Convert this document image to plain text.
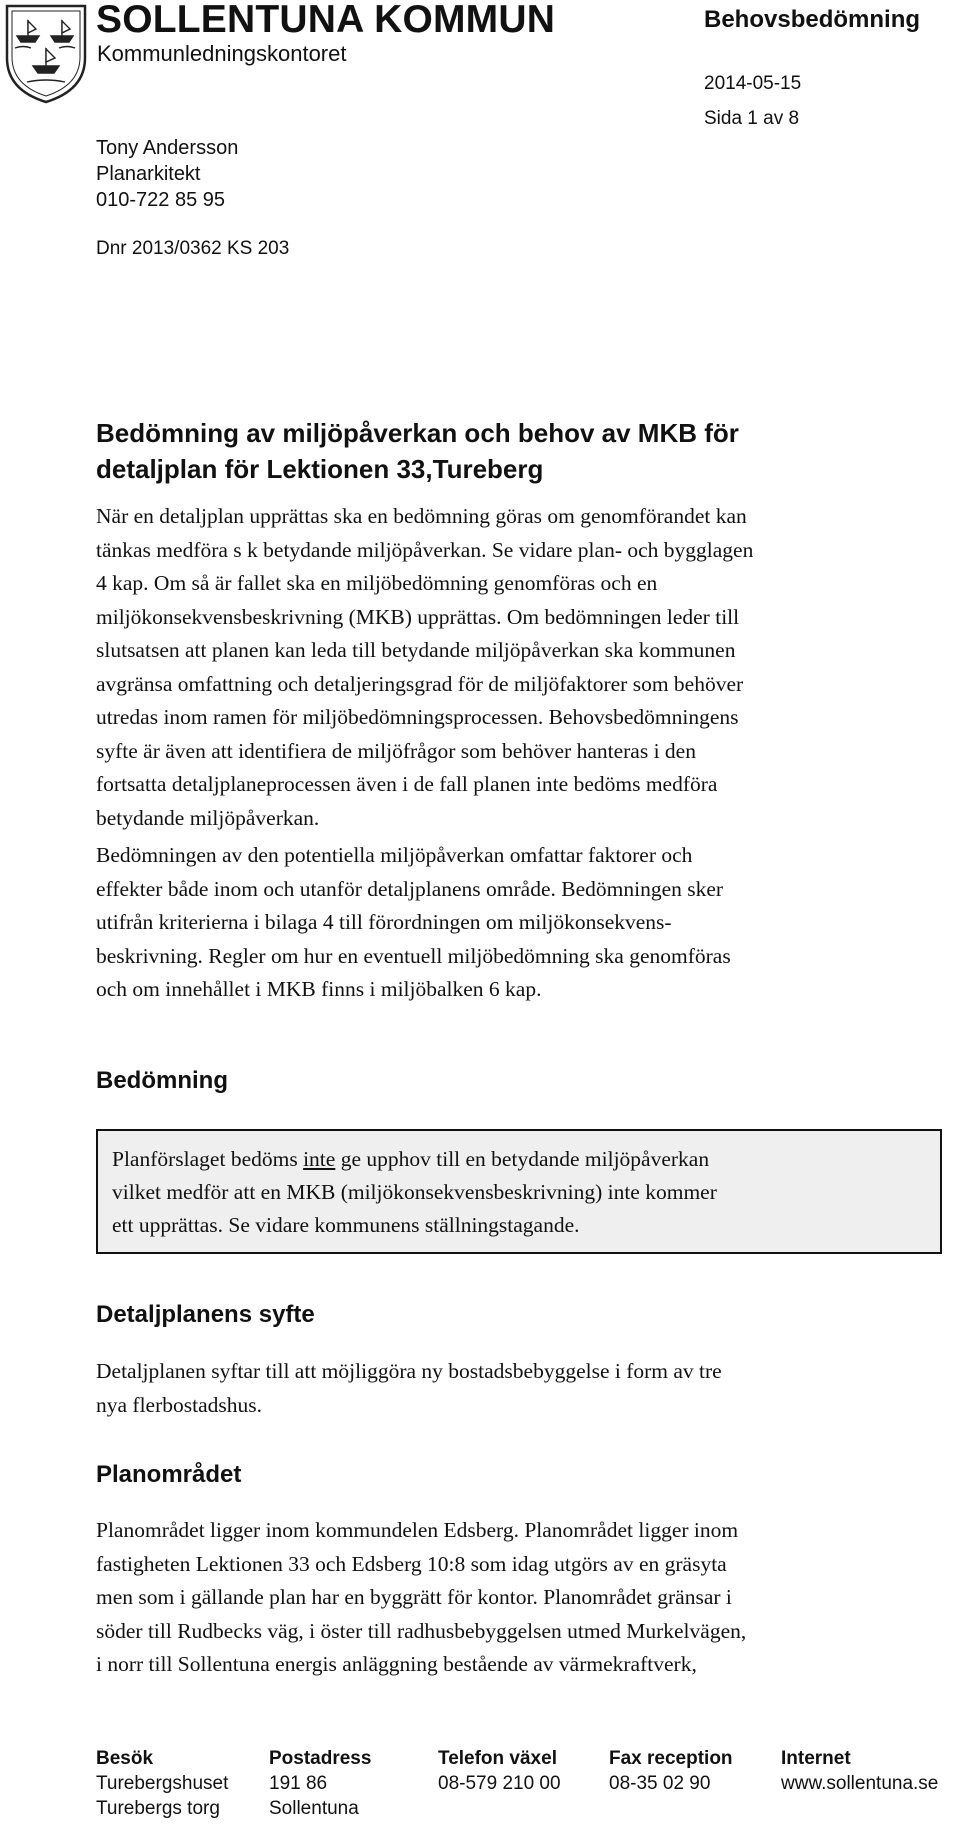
SOLLENTUNA KOMMUN
Kommunledningskontoret
Behovsbedömning
2014-05-15
Sida 1 av 8
Tony Andersson
Planarkitekt
010-722 85 95
Dnr 2013/0362 KS 203
Bedömning av miljöpåverkan och behov av MKB för
detaljplan för Lektionen 33,Tureberg

När en detaljplan upprättas ska en bedömning göras om genomförandet kan

tänkas medföra s k betydande miljöpåverkan. Se vidare plan- och bygglagen

4 kap. Om så är fallet ska en miljöbedömning genomföras och en

miljökonsekvensbeskrivning (MKB) upprättas. Om bedömningen leder till

slutsatsen att planen kan leda till betydande miljöpåverkan ska kommunen

avgränsa omfattning och detaljeringsgrad för de miljöfaktorer som behöver

utredas inom ramen för miljöbedömningsprocessen. Behovsbedömningens

syfte är även att identifiera de miljöfrågor som behöver hanteras i den

fortsatta detaljplaneprocessen även i de fall planen inte bedöms medföra

betydande miljöpåverkan.

Bedömningen av den potentiella miljöpåverkan omfattar faktorer och

effekter både inom och utanför detaljplanens område. Bedömningen sker

utifrån kriterierna i bilaga 4 till förordningen om miljökonsekvens-

beskrivning. Regler om hur en eventuell miljöbedömning ska genomföras

och om innehållet i MKB finns i miljöbalken 6 kap.

Bedömning
Planförslaget bedöms inte ge upphov till en betydande miljöpåverkan
vilket medför att en MKB (miljökonsekvensbeskrivning) inte kommer
ett upprättas. Se vidare kommunens ställningstagande.
Detaljplanens syfte

Detaljplanen syftar till att möjliggöra ny bostadsbebyggelse i form av tre

nya flerbostadshus.

Planområdet

Planområdet ligger inom kommundelen Edsberg. Planområdet ligger inom

fastigheten Lektionen 33 och Edsberg 10:8 som idag utgörs av en gräsyta

men som i gällande plan har en byggrätt för kontor. Planområdet gränsar i

söder till Rudbecks väg, i öster till radhusbebyggelsen utmed Murkelvägen,

i norr till Sollentuna energis anläggning bestående av värmekraftverk,

Besök
Turebergshuset
Turebergs torg
Postadress
191 86
Sollentuna
Telefon växel
08-579 210 00
Fax reception
08-35 02 90
Internet
www.sollentuna.se
